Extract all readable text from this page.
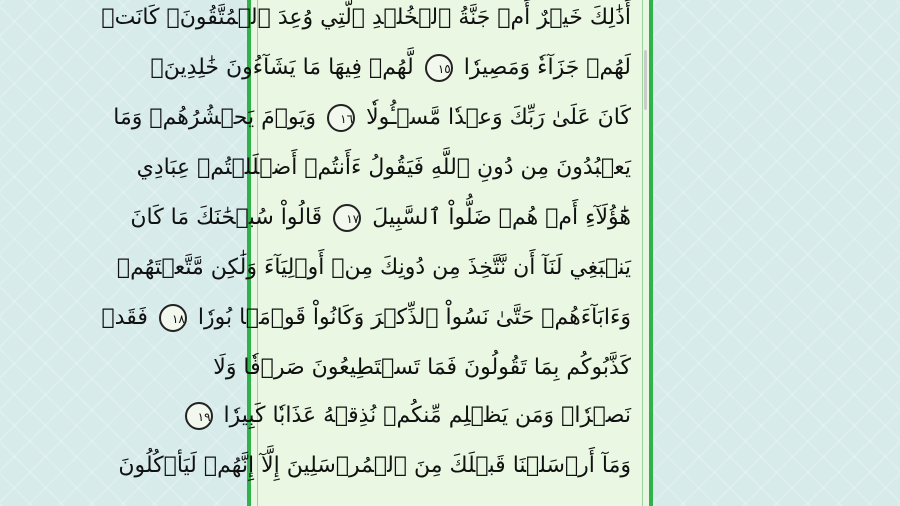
أَذَٰلِكَ خَيۡرٌ أَمۡ جَنَّةُ ٱلۡخُلۡدِ ٱلَّتِي وُعِدَ ٱلۡمُتَّقُونَۚ كَانَتۡ
لَهُمۡ جَزَآءٗ وَمَصِيرٗا ١٥ لَّهُمۡ فِيهَا مَا يَشَآءُونَ خَٰلِدِينَۚ
كَانَ عَلَىٰ رَبِّكَ وَعۡدٗا مَّسۡـُٔولٗا ١٦ وَيَوۡمَ يَحۡشُرُهُمۡ وَمَا
يَعۡبُدُونَ مِن دُونِ ٱللَّهِ فَيَقُولُ ءَأَنتُمۡ أَضۡلَلۡتُمۡ عِبَادِي
هَٰٓؤُلَآءِ أَمۡ هُمۡ ضَلُّواْ ٱلسَّبِيلَ ١٧ قَالُواْ سُبۡحَٰنَكَ مَا كَانَ
يَنۢبَغِي لَنَآ أَن نَّتَّخِذَ مِن دُونِكَ مِنۡ أَوۡلِيَآءَ وَلَٰكِن مَّتَّعۡتَهُمۡ
وَءَابَآءَهُمۡ حَتَّىٰ نَسُواْ ٱلذِّكۡرَ وَكَانُواْ قَوۡمَۢا بُورٗا ١٨ فَقَدۡ
كَذَّبُوكُم بِمَا تَقُولُونَ فَمَا تَسۡتَطِيعُونَ صَرۡفٗا وَلَا
نَصۡرٗاۚ وَمَن يَظۡلِم مِّنكُمۡ نُذِقۡهُ عَذَابٗا كَبِيرٗا ١٩
وَمَآ أَرۡسَلۡنَا قَبۡلَكَ مِنَ ٱلۡمُرۡسَلِينَ إِلَّآ إِنَّهُمۡ لَيَأۡكُلُونَ
